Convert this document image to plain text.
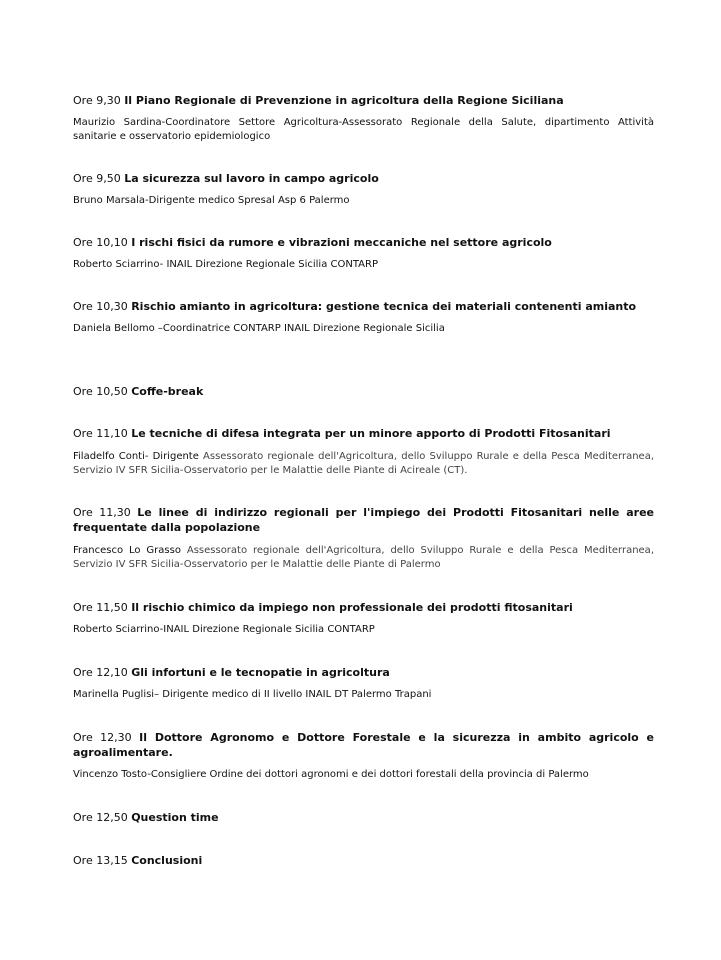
Ore 9,30 Il Piano Regionale di Prevenzione in agricoltura della Regione Siciliana

Maurizio Sardina-Coordinatore Settore Agricoltura-Assessorato Regionale della Salute, dipartimento Attività sanitarie e osservatorio epidemiologico

Ore 9,50 La sicurezza sul lavoro in campo agricolo

Bruno Marsala-Dirigente medico Spresal Asp 6 Palermo

Ore 10,10 I rischi fisici da rumore e vibrazioni meccaniche nel settore agricolo

Roberto Sciarrino- INAIL Direzione Regionale Sicilia CONTARP

Ore 10,30 Rischio amianto in agricoltura: gestione tecnica dei materiali contenenti amianto

Daniela Bellomo –Coordinatrice CONTARP INAIL Direzione Regionale Sicilia

Ore 10,50 Coffe-break

Ore 11,10 Le tecniche di difesa integrata per un minore apporto di Prodotti Fitosanitari

Filadelfo Conti- Dirigente Assessorato regionale dell'Agricoltura, dello Sviluppo Rurale e della Pesca Mediterranea, Servizio IV SFR Sicilia-Osservatorio per le Malattie delle Piante di Acireale (CT).

Ore 11,30 Le linee di indirizzo regionali per l'impiego dei Prodotti Fitosanitari nelle aree frequentate dalla popolazione

Francesco Lo Grasso Assessorato regionale dell'Agricoltura, dello Sviluppo Rurale e della Pesca Mediterranea, Servizio IV SFR Sicilia-Osservatorio per le Malattie delle Piante di Palermo

Ore 11,50 Il rischio chimico da impiego non professionale dei prodotti fitosanitari

Roberto Sciarrino-INAIL Direzione Regionale Sicilia CONTARP

Ore 12,10 Gli infortuni e le tecnopatie in agricoltura

Marinella Puglisi– Dirigente medico di II livello INAIL DT Palermo Trapani

Ore 12,30 Il Dottore Agronomo e Dottore Forestale e la sicurezza in ambito agricolo e agroalimentare.

Vincenzo Tosto-Consigliere Ordine dei dottori agronomi e dei dottori forestali della provincia di Palermo

Ore 12,50 Question time

Ore 13,15 Conclusioni
